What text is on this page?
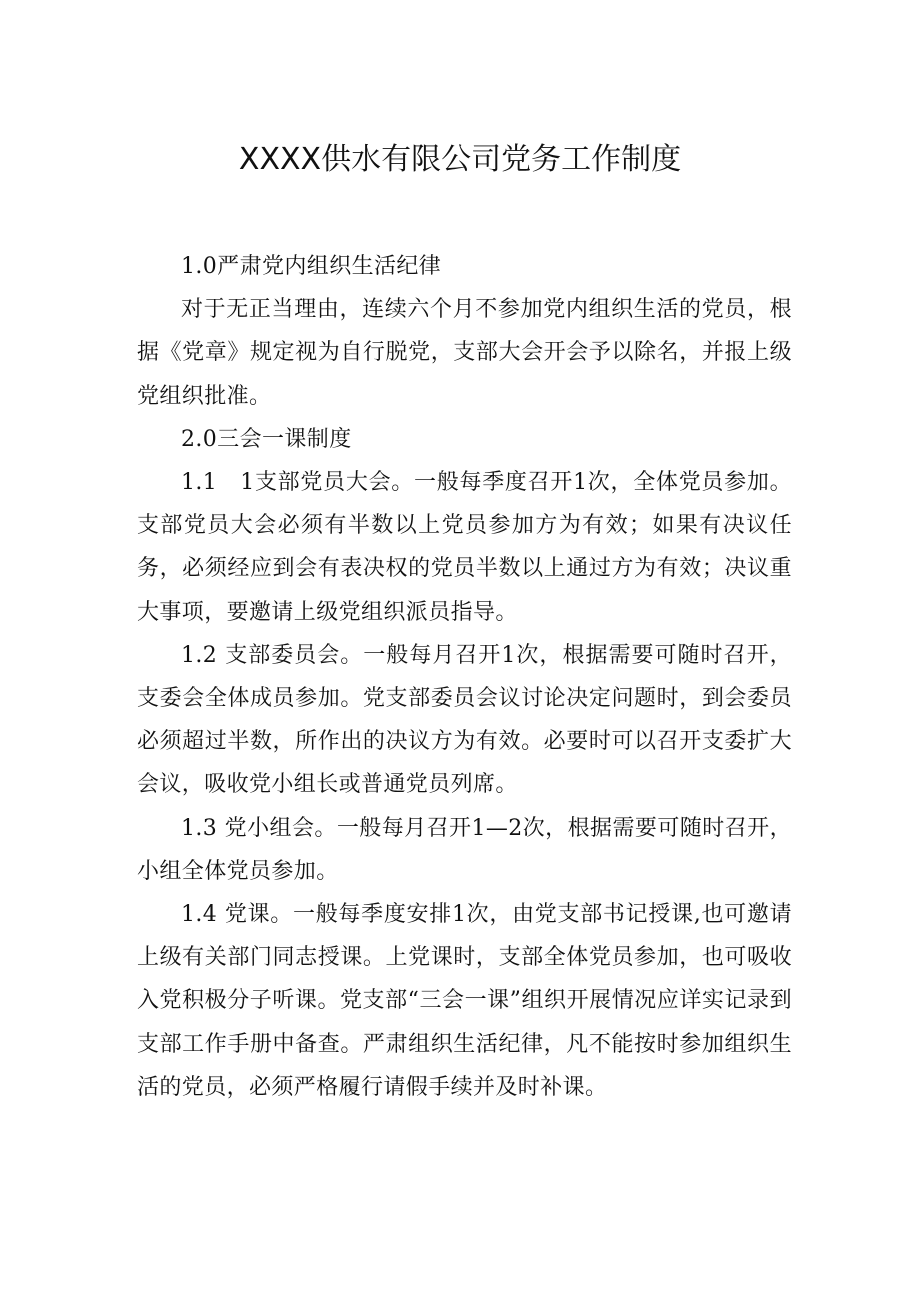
XXXX供水有限公司党务工作制度

1.0严肃党内组织生活纪律

对于无正当理由，连续六个月不参加党内组织生活的党员，根据《党章》规定视为自行脱党，支部大会开会予以除名，并报上级党组织批准。

2.0三会一课制度

1.1　1支部党员大会。一般每季度召开1次，全体党员参加。支部党员大会必须有半数以上党员参加方为有效；如果有决议任务，必须经应到会有表决权的党员半数以上通过方为有效；决议重大事项，要邀请上级党组织派员指导。

1.2 支部委员会。一般每月召开1次，根据需要可随时召开，支委会全体成员参加。党支部委员会议讨论决定问题时，到会委员必须超过半数，所作出的决议方为有效。必要时可以召开支委扩大会议，吸收党小组长或普通党员列席。

1.3 党小组会。一般每月召开1—2次，根据需要可随时召开，小组全体党员参加。

1.4 党课。一般每季度安排1次，由党支部书记授课,也可邀请上级有关部门同志授课。上党课时，支部全体党员参加，也可吸收入党积极分子听课。党支部“三会一课”组织开展情况应详实记录到支部工作手册中备查。严肃组织生活纪律，凡不能按时参加组织生活的党员，必须严格履行请假手续并及时补课。
